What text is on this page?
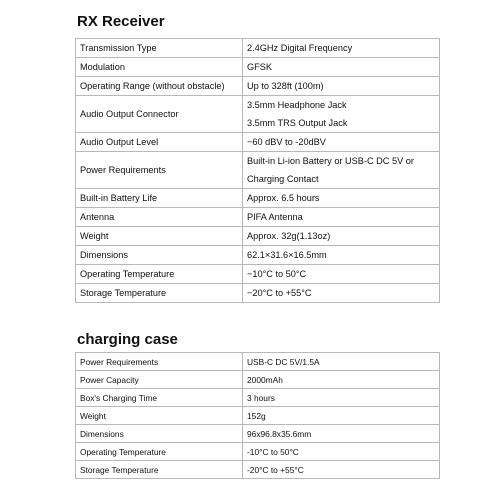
RX Receiver
Transmission Type	2.4GHz Digital Frequency

Modulation	GFSK

Operating Range (without obstacle)	Up to 328ft (100m)

Audio Output Connector	3.5mm Headphone Jack
3.5mm TRS Output Jack

Audio Output Level	−60 dBV to -20dBV

Power Requirements	Built-in Li-ion Battery or USB-C DC 5V or
Charging Contact

Built-in Battery Life	Approx. 6.5 hours

Antenna	PIFA Antenna

Weight	Approx. 32g(1.13oz)

Dimensions	62.1×31.6×16.5mm

Operating Temperature	−10°C to 50°C

Storage Temperature	−20°C to +55°C
charging case
Power Requirements	USB-C DC 5V/1.5A
Power Capacity	2000mAh
Box's Charging Time	3 hours
Weight	152g
Dimensions	96x96.8x35.6mm
Operating Temperature	-10°C to 50°C
Storage Temperature	-20°C to +55°C
